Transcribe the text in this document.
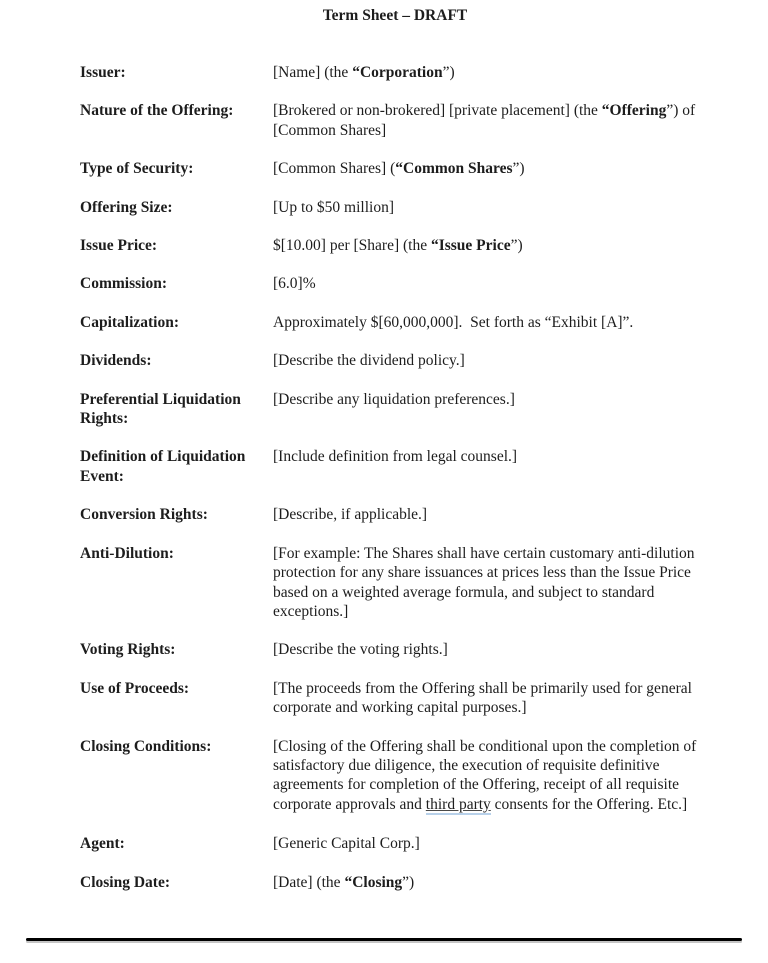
Term Sheet – DRAFT
Issuer:	[Name] (the “Corporation”)
Nature of the Offering:	[Brokered or non-brokered] [private placement] (the “Offering”) of [Common Shares]
Type of Security:	[Common Shares] (“Common Shares”)
Offering Size:	[Up to $50 million]
Issue Price:	$[10.00] per [Share] (the “Issue Price”)
Commission:	[6.0]%
Capitalization:	Approximately $[60,000,000].  Set forth as “Exhibit [A]”.
Dividends:	[Describe the dividend policy.]
Preferential Liquidation Rights:
[Describe any liquidation preferences.]
Definition of Liquidation Event:
[Include definition from legal counsel.]
Conversion Rights:	[Describe, if applicable.]
Anti-Dilution:	[For example: The Shares shall have certain customary anti-dilution protection for any share issuances at prices less than the Issue Price based on a weighted average formula, and subject to standard exceptions.]
Voting Rights:	[Describe the voting rights.]
Use of Proceeds:	[The proceeds from the Offering shall be primarily used for general corporate and working capital purposes.]
Closing Conditions:	[Closing of the Offering shall be conditional upon the completion of satisfactory due diligence, the execution of requisite definitive agreements for completion of the Offering, receipt of all requisite corporate approvals and third party consents for the Offering. Etc.]
Agent:	[Generic Capital Corp.]
Closing Date:	[Date] (the “Closing”)
